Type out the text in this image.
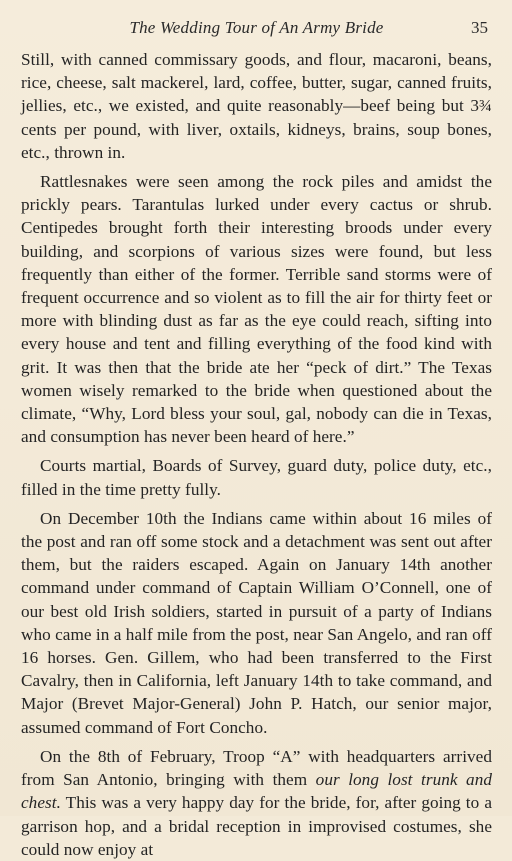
The Wedding Tour of An Army Bride	35

Still, with canned commissary goods, and flour, macaroni, beans, rice, cheese, salt mackerel, lard, coffee, butter, sugar, canned fruits, jellies, etc., we existed, and quite reasonably—beef being but 3¾ cents per pound, with liver, oxtails, kidneys, brains, soup bones, etc., thrown in.

Rattlesnakes were seen among the rock piles and amidst the prickly pears. Tarantulas lurked under every cactus or shrub. Centipedes brought forth their interesting broods under every building, and scorpions of various sizes were found, but less frequently than either of the former. Terrible sand storms were of frequent occurrence and so violent as to fill the air for thirty feet or more with blinding dust as far as the eye could reach, sifting into every house and tent and filling everything of the food kind with grit. It was then that the bride ate her “peck of dirt.” The Texas women wisely remarked to the bride when questioned about the climate, “Why, Lord bless your soul, gal, nobody can die in Texas, and consumption has never been heard of here.”

Courts martial, Boards of Survey, guard duty, police duty, etc., filled in the time pretty fully.

On December 10th the Indians came within about 16 miles of the post and ran off some stock and a detachment was sent out after them, but the raiders escaped. Again on January 14th another command under command of Captain William O’Connell, one of our best old Irish soldiers, started in pursuit of a party of Indians who came in a half mile from the post, near San Angelo, and ran off 16 horses. Gen. Gillem, who had been transferred to the First Cavalry, then in California, left January 14th to take command, and Major (Brevet Major-General) John P. Hatch, our senior major, assumed command of Fort Concho.

On the 8th of February, Troop “A” with headquarters arrived from San Antonio, bringing with them our long lost trunk and chest. This was a very happy day for the bride, for, after going to a garrison hop, and a bridal reception in improvised costumes, she could now enjoy at
